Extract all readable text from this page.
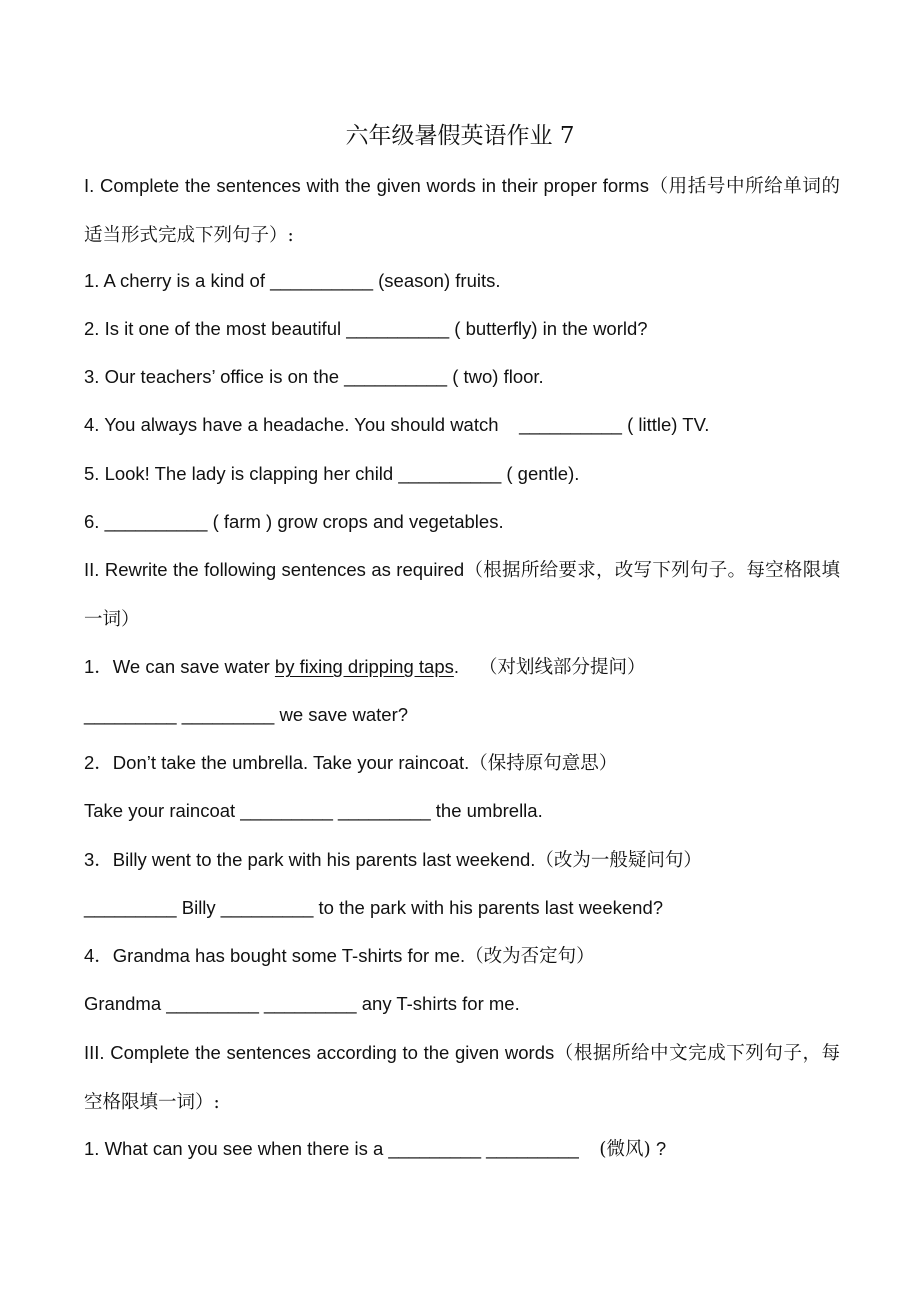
六年级暑假英语作业 7
I. Complete the sentences with the given words in their proper forms（用括号中所给单词的适当形式完成下列句子）:
1. A cherry is a kind of __________ (season) fruits.
2. Is it one of the most beautiful __________ ( butterfly) in the world?
3. Our teachers’ office is on the __________ ( two) floor.
4. You always have a headache. You should watch    __________ ( little) TV.
5. Look! The lady is clapping her child __________ ( gentle).
6. __________ ( farm ) grow crops and vegetables.
II. Rewrite the following sentences as required（根据所给要求，改写下列句子。每空格限填一词）
1．We can save water by fixing dripping taps. （对划线部分提问）
_________ _________ we save water?
2．Don’t take the umbrella. Take your raincoat.（保持原句意思）
Take your raincoat _________ _________ the umbrella.
3．Billy went to the park with his parents last weekend.（改为一般疑问句）
_________ Billy _________ to the park with his parents last weekend?
4．Grandma has bought some T-shirts for me.（改为否定句）
Grandma _________ _________ any T-shirts for me.
III. Complete the sentences according to the given words（根据所给中文完成下列句子，每空格限填一词）:
1. What can you see when there is a _________ _________    (微风) ?
